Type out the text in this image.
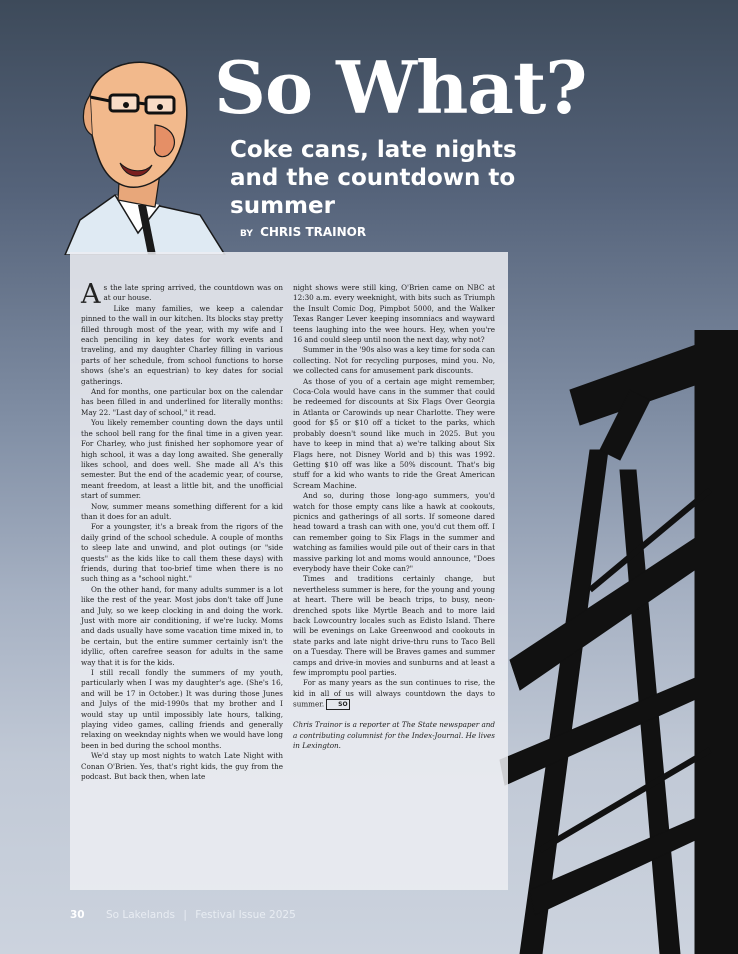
So What?
Coke cans, late nights and the countdown to summer
BY CHRIS TRAINOR

As the late spring arrived, the countdown was on at our house.

Like many families, we keep a calendar pinned to the wall in our kitchen. Its blocks stay pretty filled through most of the year, with my wife and I each penciling in key dates for work events and traveling, and my daughter Charley filling in various parts of her schedule, from school functions to horse shows (she's an equestrian) to key dates for social gatherings.

And for months, one particular box on the calendar has been filled in and underlined for literally months: May 22. "Last day of school," it read.

You likely remember counting down the days until the school bell rang for the final time in a given year. For Charley, who just finished her sophomore year of high school, it was a day long awaited. She generally likes school, and does well. She made all A's this semester. But the end of the academic year, of course, meant freedom, at least a little bit, and the unofficial start of summer.

Now, summer means something different for a kid than it does for an adult.

For a youngster, it's a break from the rigors of the daily grind of the school schedule. A couple of months to sleep late and unwind, and plot outings (or "side quests" as the kids like to call them these days) with friends, during that too-brief time when there is no such thing as a "school night."

On the other hand, for many adults summer is a lot like the rest of the year. Most jobs don't take off June and July, so we keep clocking in and doing the work. Just with more air conditioning, if we're lucky. Moms and dads usually have some vacation time mixed in, to be certain, but the entire summer certainly isn't the idyllic, often carefree season for adults in the same way that it is for the kids.

I still recall fondly the summers of my youth, particularly when I was my daughter's age. (She's 16, and will be 17 in October.) It was during those Junes and Julys of the mid-1990s that my brother and I would stay up until impossibly late hours, talking, playing video games, calling friends and generally relaxing on weeknday nights when we would have long been in bed during the school months.

We'd stay up most nights to watch Late Night with Conan O'Brien. Yes, that's right kids, the guy from the podcast. But back then, when late

night shows were still king, O'Brien came on NBC at 12:30 a.m. every weeknight, with bits such as Triumph the Insult Comic Dog, Pimpbot 5000, and the Walker Texas Ranger Lever keeping insomniacs and wayward teens laughing into the wee hours. Hey, when you're 16 and could sleep until noon the next day, why not?

Summer in the '90s also was a key time for soda can collecting. Not for recycling purposes, mind you. No, we collected cans for amusement park discounts.

As those of you of a certain age might remember, Coca-Cola would have cans in the summer that could be redeemed for discounts at Six Flags Over Georgia in Atlanta or Carowinds up near Charlotte. They were good for $5 or $10 off a ticket to the parks, which probably doesn't sound like much in 2025. But you have to keep in mind that a) we're talking about Six Flags here, not Disney World and b) this was 1992. Getting $10 off was like a 50% discount. That's big stuff for a kid who wants to ride the Great American Scream Machine.

And so, during those long-ago summers, you'd watch for those empty cans like a hawk at cookouts, picnics and gatherings of all sorts. If someone dared head toward a trash can with one, you'd cut them off. I can remember going to Six Flags in the summer and watching as families would pile out of their cars in that massive parking lot and moms would announce, "Does everybody have their Coke can?"

Times and traditions certainly change, but nevertheless summer is here, for the young and young at heart. There will be beach trips, to busy, neon-drenched spots like Myrtle Beach and to more laid back Lowcountry locales such as Edisto Island. There will be evenings on Lake Greenwood and cookouts in state parks and late night drive-thru runs to Taco Bell on a Tuesday. There will be Braves games and summer camps and drive-in movies and sunburns and at least a few impromptu pool parties.

For as many years as the sun continues to rise, the kid in all of us will always countdown the days to summer. SO

Chris Trainor is a reporter at The State newspaper and a contributing columnist for the Index-Journal. He lives in Lexington.

30 So Lakelands | Festival Issue 2025
